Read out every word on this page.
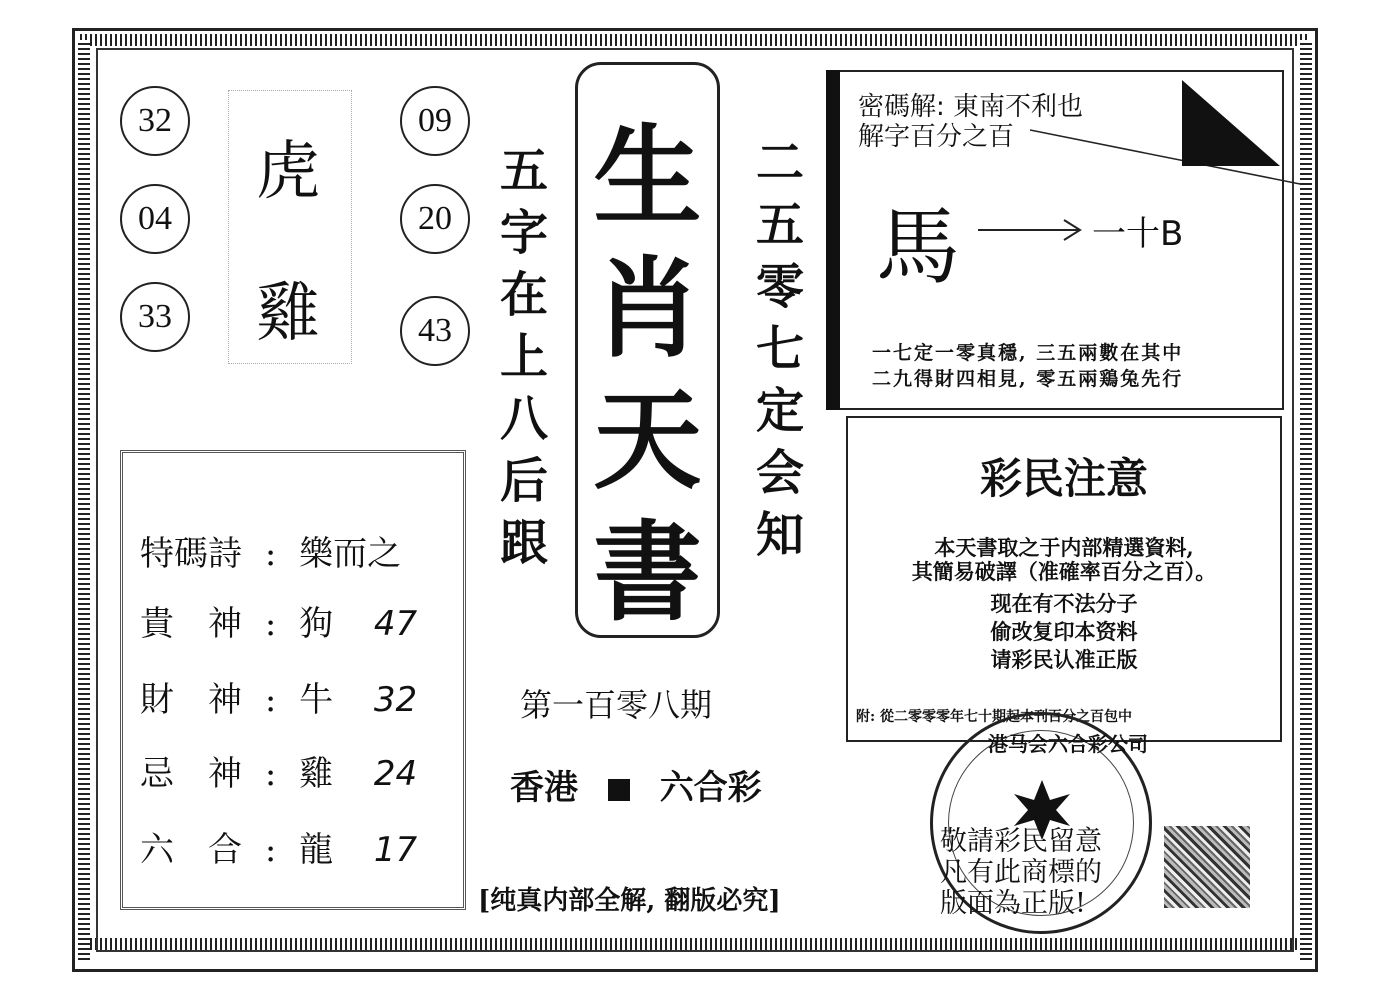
32
04
33
09
20
43
虎
雞
五
字
在
上
八
后
跟
生
肖
天
書
二
五
零
七
定
会
知
特碼詩 : 樂而之
貴　神 : 狗 47
財　神 : 牛 32
忌　神 : 雞 24
六　合 : 龍 17
第一百零八期
香港 六合彩
密碼解: 東南不利也
解字百分之百
馬	一十B
一七定一零真穩, 三五兩數在其中
二九得財四相見, 零五兩鶏兔先行
彩民注意
本天書取之于内部精選資料,
其簡易破譯（准確率百分之百）。
现在有不法分子
偷改复印本资料
请彩民认准正版
附: 從二零零零年七十期起本刊百分之百包中
港马会六合彩公司
敬請彩民留意
凡有此商標的
版面為正版!
[纯真内部全解, 翻版必究]
